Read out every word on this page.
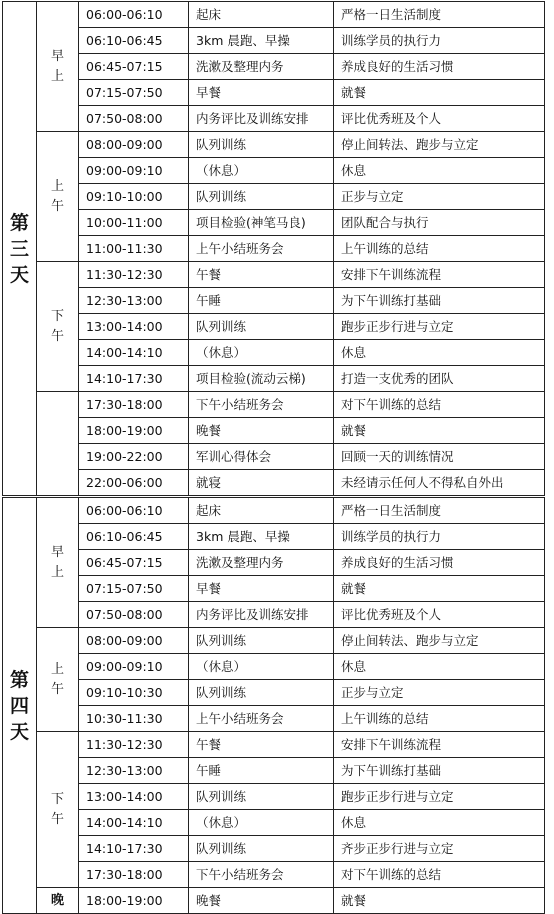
第三天	早上	06:00-06:10	起床	严格一日生活制度
		06:10-06:45	3km 晨跑、早操	训练学员的执行力
		06:45-07:15	洗漱及整理内务	养成良好的生活习惯
		07:15-07:50	早餐	就餐
		07:50-08:00	内务评比及训练安排	评比优秀班及个人
	上午	08:00-09:00	队列训练	停止间转法、跑步与立定
		09:00-09:10	（休息）	休息
		09:10-10:00	队列训练	正步与立定
		10:00-11:00	项目检验(神笔马良)	团队配合与执行
		11:00-11:30	上午小结班务会	上午训练的总结
	下午	11:30-12:30	午餐	安排下午训练流程
		12:30-13:00	午睡	为下午训练打基础
		13:00-14:00	队列训练	跑步正步行进与立定
		14:00-14:10	（休息）	休息
		14:10-17:30	项目检验(流动云梯)	打造一支优秀的团队
		17:30-18:00	下午小结班务会	对下午训练的总结
		18:00-19:00	晚餐	就餐
		19:00-22:00	军训心得体会	回顾一天的训练情况
		22:00-06:00	就寝	未经请示任何人不得私自外出
第四天	早上	06:00-06:10	起床	严格一日生活制度
		06:10-06:45	3km 晨跑、早操	训练学员的执行力
		06:45-07:15	洗漱及整理内务	养成良好的生活习惯
		07:15-07:50	早餐	就餐
		07:50-08:00	内务评比及训练安排	评比优秀班及个人
	上午	08:00-09:00	队列训练	停止间转法、跑步与立定
		09:00-09:10	（休息）	休息
		09:10-10:30	队列训练	正步与立定
		10:30-11:30	上午小结班务会	上午训练的总结
	下午	11:30-12:30	午餐	安排下午训练流程
		12:30-13:00	午睡	为下午训练打基础
		13:00-14:00	队列训练	跑步正步行进与立定
		14:00-14:10	（休息）	休息
		14:10-17:30	队列训练	齐步正步行进与立定
		17:30-18:00	下午小结班务会	对下午训练的总结
	晚	18:00-19:00	晚餐	就餐
